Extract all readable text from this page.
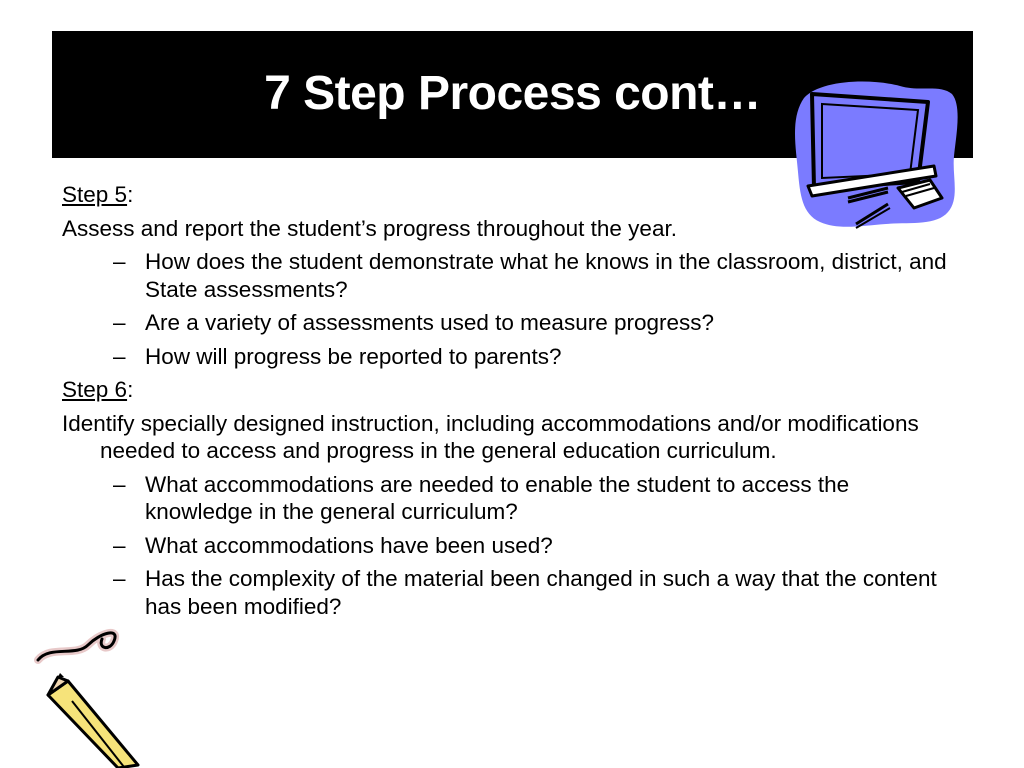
7 Step Process cont…

Step 5:

Assess and report the student’s progress throughout the year.

– How does the student demonstrate what he knows in the classroom, district, and State assessments?

– Are a variety of assessments used to measure progress?

– How will progress be reported to parents?

Step 6:

Identify specially designed instruction, including accommodations and/or modifications needed to access and progress in the general education curriculum.

– What accommodations are needed to enable the student to access the knowledge in the general curriculum?

– What accommodations have been used?

– Has the complexity of the material been changed in such a way that the content has been modified?
